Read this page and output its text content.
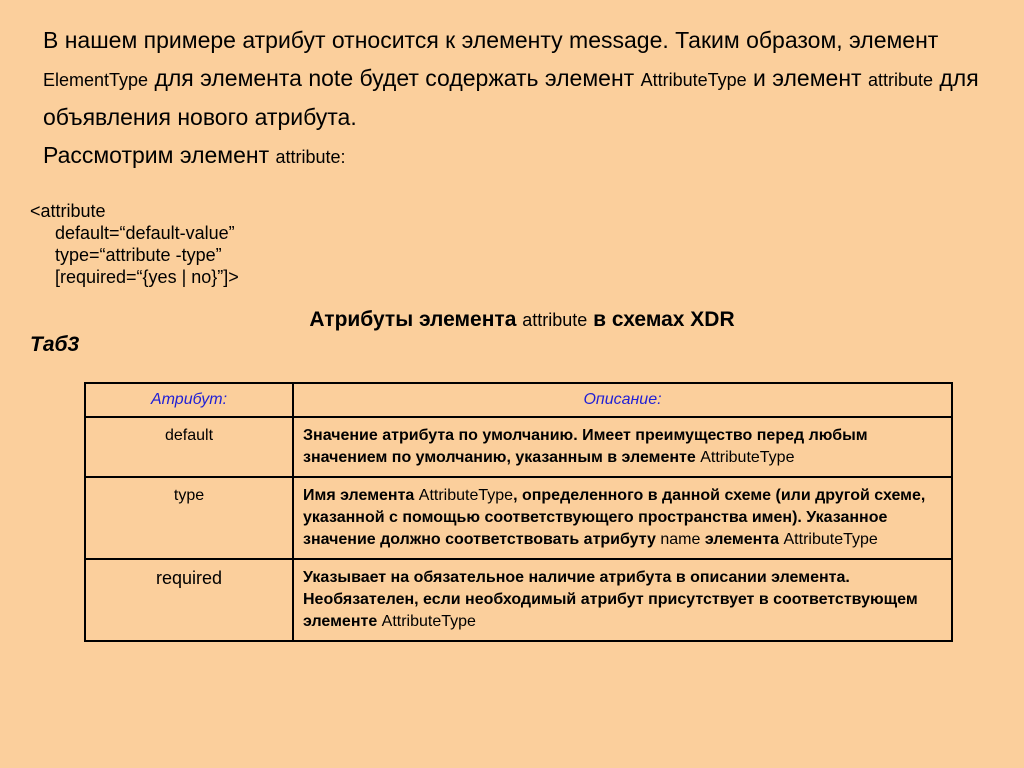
В нашем примере атрибут относится к элементу message. Таким образом, элемент ElementType для элемента note будет содержать элемент AttributeType и элемент attribute для объявления нового атрибута.

Рассмотрим элемент attribute:

<attribute
default=“default-value”
type=“attribute -type”
[required=“{yes | no}”]>
Атрибуты элемента attribute в схемах XDR
Таб3
Атрибут:	Описание:
default	Значение атрибута по умолчанию. Имеет преимущество перед любым значением по умолчанию, указанным в элементе AttributeType
type	Имя элемента AttributeType, определенного в данной схеме (или другой схеме, указанной с помощью соответствующего пространства имен). Указанное значение должно соответствовать атрибуту name элемента AttributeType
required	Указывает на обязательное наличие атрибута в описании элемента. Необязателен, если необходимый атрибут присутствует в соответствующем элементе AttributeType
